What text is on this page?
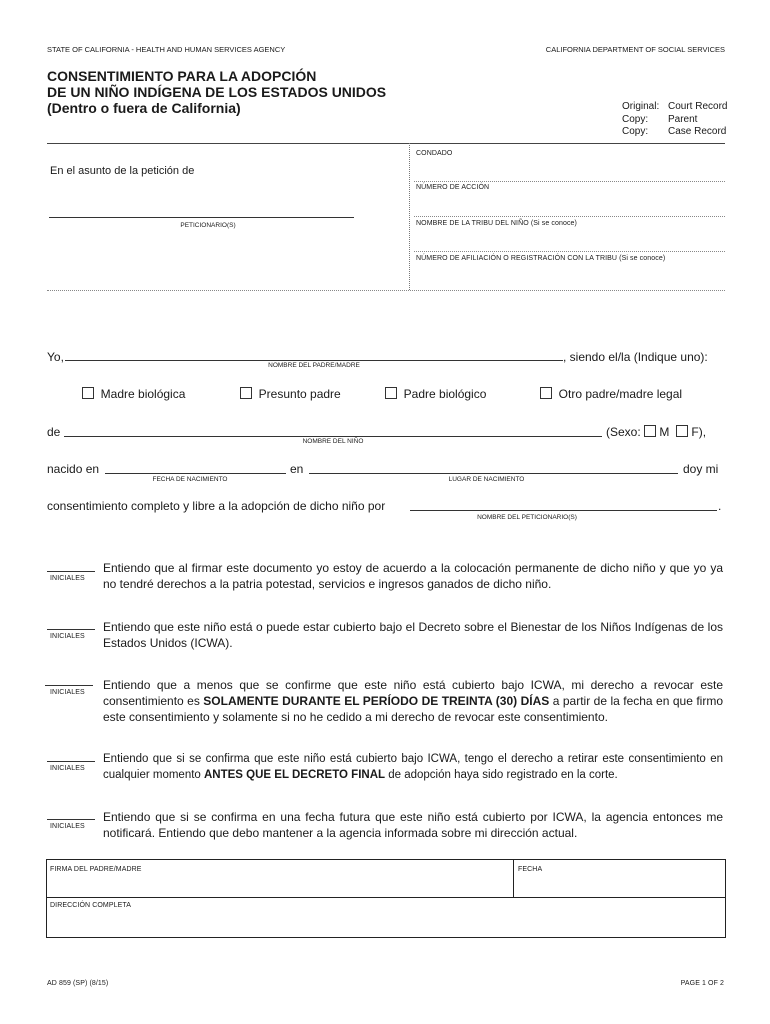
STATE OF CALIFORNIA - HEALTH AND HUMAN SERVICES AGENCY	CALIFORNIA DEPARTMENT OF SOCIAL SERVICES
CONSENTIMIENTO PARA LA ADOPCIÓN
DE UN NIÑO INDÍGENA DE LOS ESTADOS UNIDOS
(Dentro o fuera de California)	Original: Court Record
Copy: Parent
Copy: Case Record
En el asunto de la petición de
PETICIONARIO(S)
CONDADO
NÚMERO DE ACCIÓN
NOMBRE DE LA TRIBU DEL NIÑO (Si se conoce)
NÚMERO DE AFILIACIÓN O REGISTRACIÓN CON LA TRIBU (Si se conoce)
Yo,	, siendo el/la (Indique uno):
NOMBRE DEL PADRE/MADRE
Madre biológica	Presunto padre	Padre biológico	Otro padre/madre legal
de
NOMBRE DEL NIÑO
(Sexo: M F),
nacido en
FECHA DE NACIMIENTO
en
LUGAR DE NACIMIENTO
doy mi
consentimiento completo y libre a la adopción de dicho niño por	.
NOMBRE DEL PETICIONARIO(S)
INICIALES
Entiendo que al firmar este documento yo estoy de acuerdo a la colocación permanente de dicho niño y que yo ya no tendré derechos a la patria potestad, servicios e ingresos ganados de dicho niño.
INICIALES
Entiendo que este niño está o puede estar cubierto bajo el Decreto sobre el Bienestar de los Niños Indígenas de los Estados Unidos (ICWA).
INICIALES
Entiendo que a menos que se confirme que este niño está cubierto bajo ICWA, mi derecho a revocar este consentimiento es SOLAMENTE DURANTE EL PERÍODO DE TREINTA (30) DÍAS a partir de la fecha en que firmo este consentimiento y solamente si no he cedido a mi derecho de revocar este consentimiento.
INICIALES
Entiendo que si se confirma que este niño está cubierto bajo ICWA, tengo el derecho a retirar este consentimiento en cualquier momento ANTES QUE EL DECRETO FINAL de adopción haya sido registrado en la corte.
INICIALES
Entiendo que si se confirma en una fecha futura que este niño está cubierto por ICWA, la agencia entonces me notificará. Entiendo que debo mantener a la agencia informada sobre mi dirección actual.
FIRMA DEL PADRE/MADRE	FECHA
DIRECCIÓN COMPLETA
AD 859 (SP) (8/15)	PAGE 1 OF 2
